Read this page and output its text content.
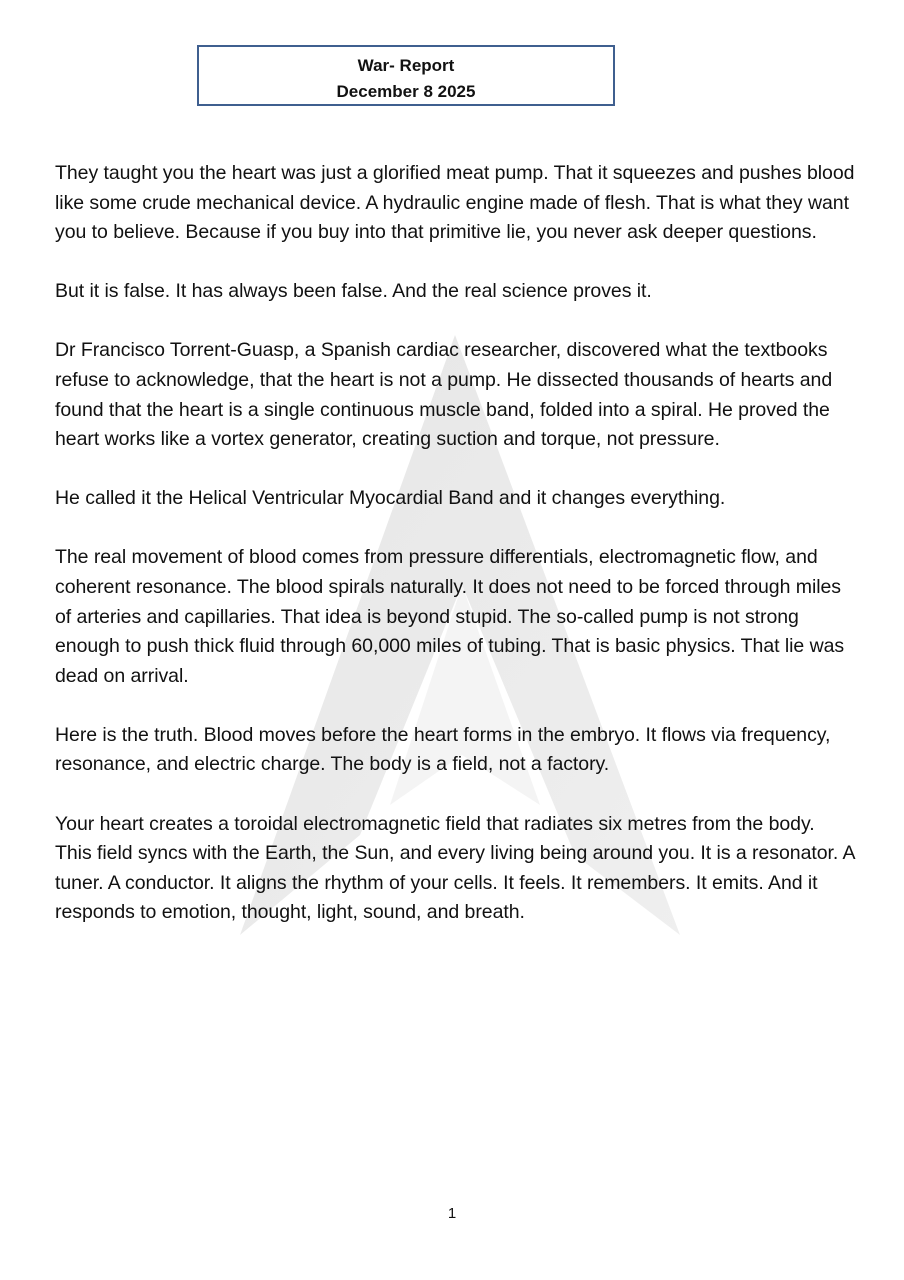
War- Report
December 8 2025

They taught you the heart was just a glorified meat pump. That it squeezes and pushes blood like some crude mechanical device. A hydraulic engine made of flesh. That is what they want you to believe. Because if you buy into that primitive lie, you never ask deeper questions.

But it is false. It has always been false. And the real science proves it.

Dr Francisco Torrent-Guasp, a Spanish cardiac researcher, discovered what the textbooks refuse to acknowledge, that the heart is not a pump. He dissected thousands of hearts and found that the heart is a single continuous muscle band, folded into a spiral. He proved the heart works like a vortex generator, creating suction and torque, not pressure.

He called it the Helical Ventricular Myocardial Band and it changes everything.

The real movement of blood comes from pressure differentials, electromagnetic flow, and coherent resonance. The blood spirals naturally. It does not need to be forced through miles of arteries and capillaries. That idea is beyond stupid. The so-called pump is not strong enough to push thick fluid through 60,000 miles of tubing. That is basic physics. That lie was dead on arrival.

Here is the truth. Blood moves before the heart forms in the embryo. It flows via frequency, resonance, and electric charge. The body is a field, not a factory.

Your heart creates a toroidal electromagnetic field that radiates six metres from the body. This field syncs with the Earth, the Sun, and every living being around you. It is a resonator. A tuner. A conductor. It aligns the rhythm of your cells. It feels. It remembers. It emits. And it responds to emotion, thought, light, sound, and breath.

1
